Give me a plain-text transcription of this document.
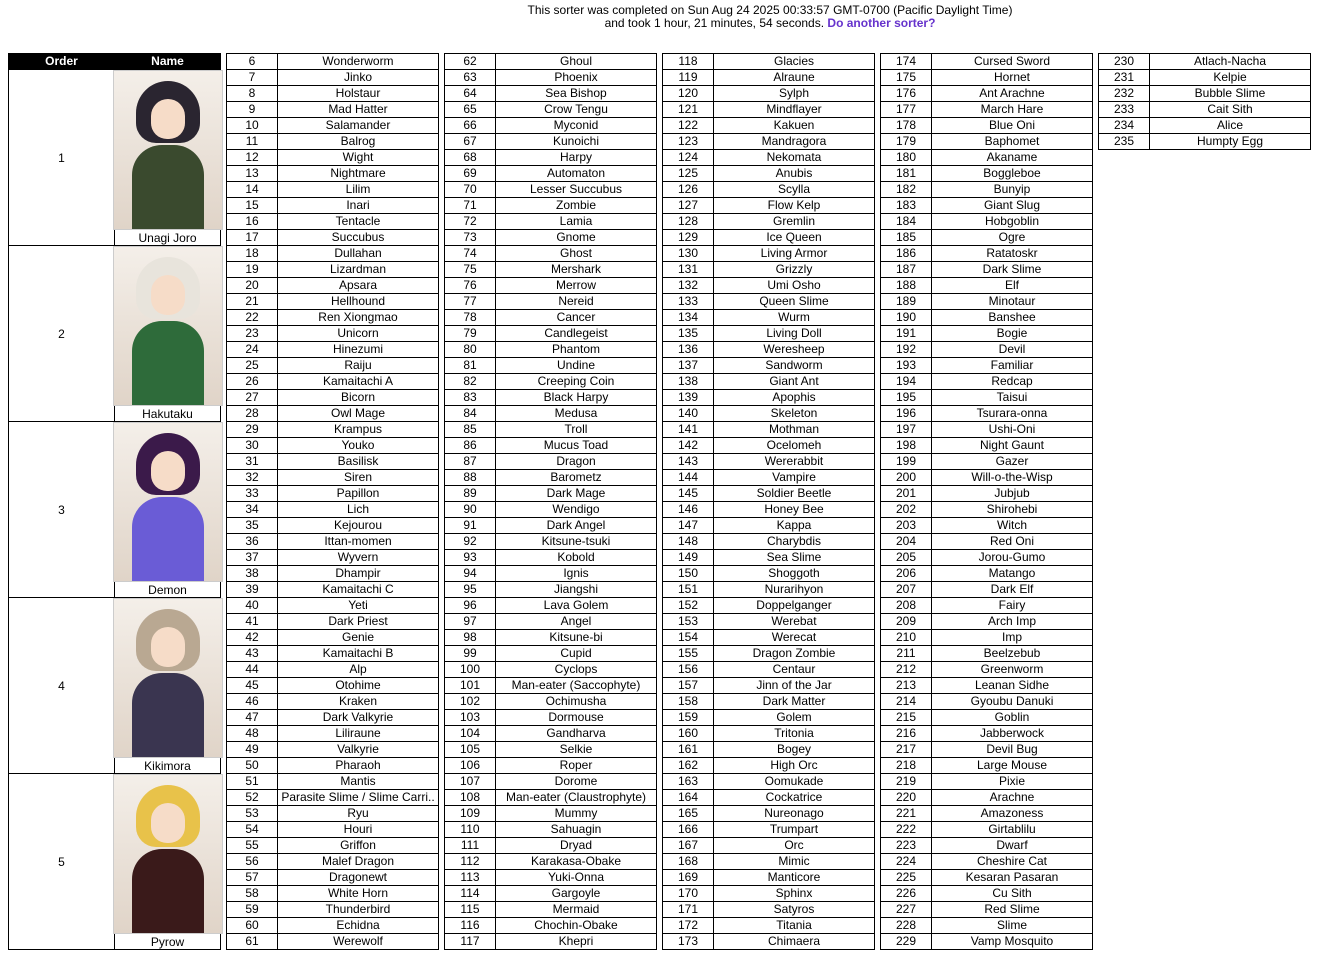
This sorter was completed on Sun Aug 24 2025 00:33:57 GMT-0700 (Pacific Daylight Time)
and took 1 hour, 21 minutes, 54 seconds. Do another sorter?
Order	Name
1	Unagi Joro

2	Hakutaku

3	Demon

4	Kikimora

5	Pyrow
6	Wonderworm
7	Jinko
8	Holstaur
9	Mad Hatter
10	Salamander
11	Balrog
12	Wight
13	Nightmare
14	Lilim
15	Inari
16	Tentacle
17	Succubus
18	Dullahan
19	Lizardman
20	Apsara
21	Hellhound
22	Ren Xiongmao
23	Unicorn
24	Hinezumi
25	Raiju
26	Kamaitachi A
27	Bicorn
28	Owl Mage
29	Krampus
30	Youko
31	Basilisk
32	Siren
33	Papillon
34	Lich
35	Kejourou
36	Ittan-momen
37	Wyvern
38	Dhampir
39	Kamaitachi C
40	Yeti
41	Dark Priest
42	Genie
43	Kamaitachi B
44	Alp
45	Otohime
46	Kraken
47	Dark Valkyrie
48	Liliraune
49	Valkyrie
50	Pharaoh
51	Mantis
52	Parasite Slime / Slime Carri..
53	Ryu
54	Houri
55	Griffon
56	Malef Dragon
57	Dragonewt
58	White Horn
59	Thunderbird
60	Echidna
61	Werewolf
62	Ghoul
63	Phoenix
64	Sea Bishop
65	Crow Tengu
66	Myconid
67	Kunoichi
68	Harpy
69	Automaton
70	Lesser Succubus
71	Zombie
72	Lamia
73	Gnome
74	Ghost
75	Mershark
76	Merrow
77	Nereid
78	Cancer
79	Candlegeist
80	Phantom
81	Undine
82	Creeping Coin
83	Black Harpy
84	Medusa
85	Troll
86	Mucus Toad
87	Dragon
88	Barometz
89	Dark Mage
90	Wendigo
91	Dark Angel
92	Kitsune-tsuki
93	Kobold
94	Ignis
95	Jiangshi
96	Lava Golem
97	Angel
98	Kitsune-bi
99	Cupid
100	Cyclops
101	Man-eater (Saccophyte)
102	Ochimusha
103	Dormouse
104	Gandharva
105	Selkie
106	Roper
107	Dorome
108	Man-eater (Claustrophyte)
109	Mummy
110	Sahuagin
111	Dryad
112	Karakasa-Obake
113	Yuki-Onna
114	Gargoyle
115	Mermaid
116	Chochin-Obake
117	Khepri
118	Glacies
119	Alraune
120	Sylph
121	Mindflayer
122	Kakuen
123	Mandragora
124	Nekomata
125	Anubis
126	Scylla
127	Flow Kelp
128	Gremlin
129	Ice Queen
130	Living Armor
131	Grizzly
132	Umi Osho
133	Queen Slime
134	Wurm
135	Living Doll
136	Weresheep
137	Sandworm
138	Giant Ant
139	Apophis
140	Skeleton
141	Mothman
142	Ocelomeh
143	Wererabbit
144	Vampire
145	Soldier Beetle
146	Honey Bee
147	Kappa
148	Charybdis
149	Sea Slime
150	Shoggoth
151	Nurarihyon
152	Doppelganger
153	Werebat
154	Werecat
155	Dragon Zombie
156	Centaur
157	Jinn of the Jar
158	Dark Matter
159	Golem
160	Tritonia
161	Bogey
162	High Orc
163	Oomukade
164	Cockatrice
165	Nureonago
166	Trumpart
167	Orc
168	Mimic
169	Manticore
170	Sphinx
171	Satyros
172	Titania
173	Chimaera
174	Cursed Sword
175	Hornet
176	Ant Arachne
177	March Hare
178	Blue Oni
179	Baphomet
180	Akaname
181	Boggleboe
182	Bunyip
183	Giant Slug
184	Hobgoblin
185	Ogre
186	Ratatoskr
187	Dark Slime
188	Elf
189	Minotaur
190	Banshee
191	Bogie
192	Devil
193	Familiar
194	Redcap
195	Taisui
196	Tsurara-onna
197	Ushi-Oni
198	Night Gaunt
199	Gazer
200	Will-o-the-Wisp
201	Jubjub
202	Shirohebi
203	Witch
204	Red Oni
205	Jorou-Gumo
206	Matango
207	Dark Elf
208	Fairy
209	Arch Imp
210	Imp
211	Beelzebub
212	Greenworm
213	Leanan Sidhe
214	Gyoubu Danuki
215	Goblin
216	Jabberwock
217	Devil Bug
218	Large Mouse
219	Pixie
220	Arachne
221	Amazoness
222	Girtablilu
223	Dwarf
224	Cheshire Cat
225	Kesaran Pasaran
226	Cu Sith
227	Red Slime
228	Slime
229	Vamp Mosquito
230	Atlach-Nacha
231	Kelpie
232	Bubble Slime
233	Cait Sith
234	Alice
235	Humpty Egg
